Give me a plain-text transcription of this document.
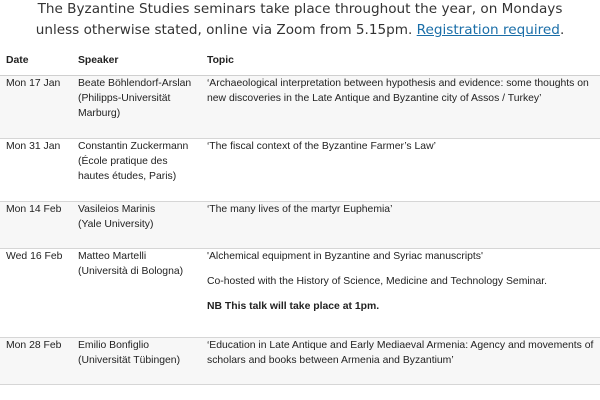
The Byzantine Studies seminars take place throughout the year, on Mondays
unless otherwise stated, online via Zoom from 5.15pm. Registration required.
Date	Speaker	Topic
Mon 17 Jan	Beate Böhlendorf-Arslan
(Philipps-Universität
Marburg)	‘Archaeological interpretation between hypothesis and evidence: some thoughts on
new discoveries in the Late Antique and Byzantine city of Assos / Turkey’

Mon 31 Jan	Constantin Zuckermann
(École pratique des
hautes études, Paris)	‘The fiscal context of the Byzantine Farmer’s Law’

Mon 14 Feb	Vasileios Marinis
(Yale University)	‘The many lives of the martyr Euphemia’

Wed 16 Feb	Matteo Martelli
(Università di Bologna)	'Alchemical equipment in Byzantine and Syriac manuscripts'
Co-hosted with the History of Science, Medicine and Technology Seminar.
NB This talk will take place at 1pm.

Mon 28 Feb	Emilio Bonfiglio
(Universität Tübingen)	‘Education in Late Antique and Early Mediaeval Armenia: Agency and movements of
scholars and books between Armenia and Byzantium’
